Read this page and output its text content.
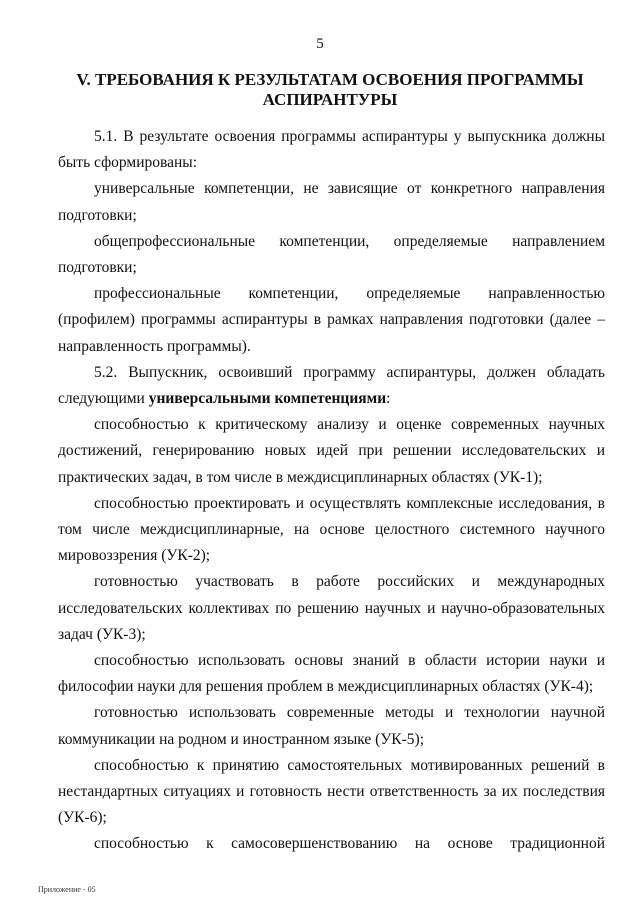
5
V. ТРЕБОВАНИЯ К РЕЗУЛЬТАТАМ ОСВОЕНИЯ ПРОГРАММЫ АСПИРАНТУРЫ

5.1. В результате освоения программы аспирантуры у выпускника должны быть сформированы:

универсальные компетенции, не зависящие от конкретного направления подготовки;

общепрофессиональные компетенции, определяемые направлением подготовки;

профессиональные компетенции, определяемые направленностью (профилем) программы аспирантуры в рамках направления подготовки (далее – направленность программы).

5.2. Выпускник, освоивший программу аспирантуры, должен обладать следующими универсальными компетенциями:

способностью к критическому анализу и оценке современных научных достижений, генерированию новых идей при решении исследовательских и практических задач, в том числе в междисциплинарных областях (УК-1);

способностью проектировать и осуществлять комплексные исследования, в том числе междисциплинарные, на основе целостного системного научного мировоззрения (УК-2);

готовностью участвовать в работе российских и международных исследовательских коллективах по решению научных и научно-образовательных задач (УК-3);

способностью использовать основы знаний в области истории науки и философии науки для решения проблем в междисциплинарных областях (УК-4);

готовностью использовать современные методы и технологии научной коммуникации на родном и иностранном языке (УК-5);

способностью к принятию самостоятельных мотивированных решений в нестандартных ситуациях и готовность нести ответственность за их последствия (УК-6);

способностью к самосовершенствованию на основе традиционной

Приложение - 05
